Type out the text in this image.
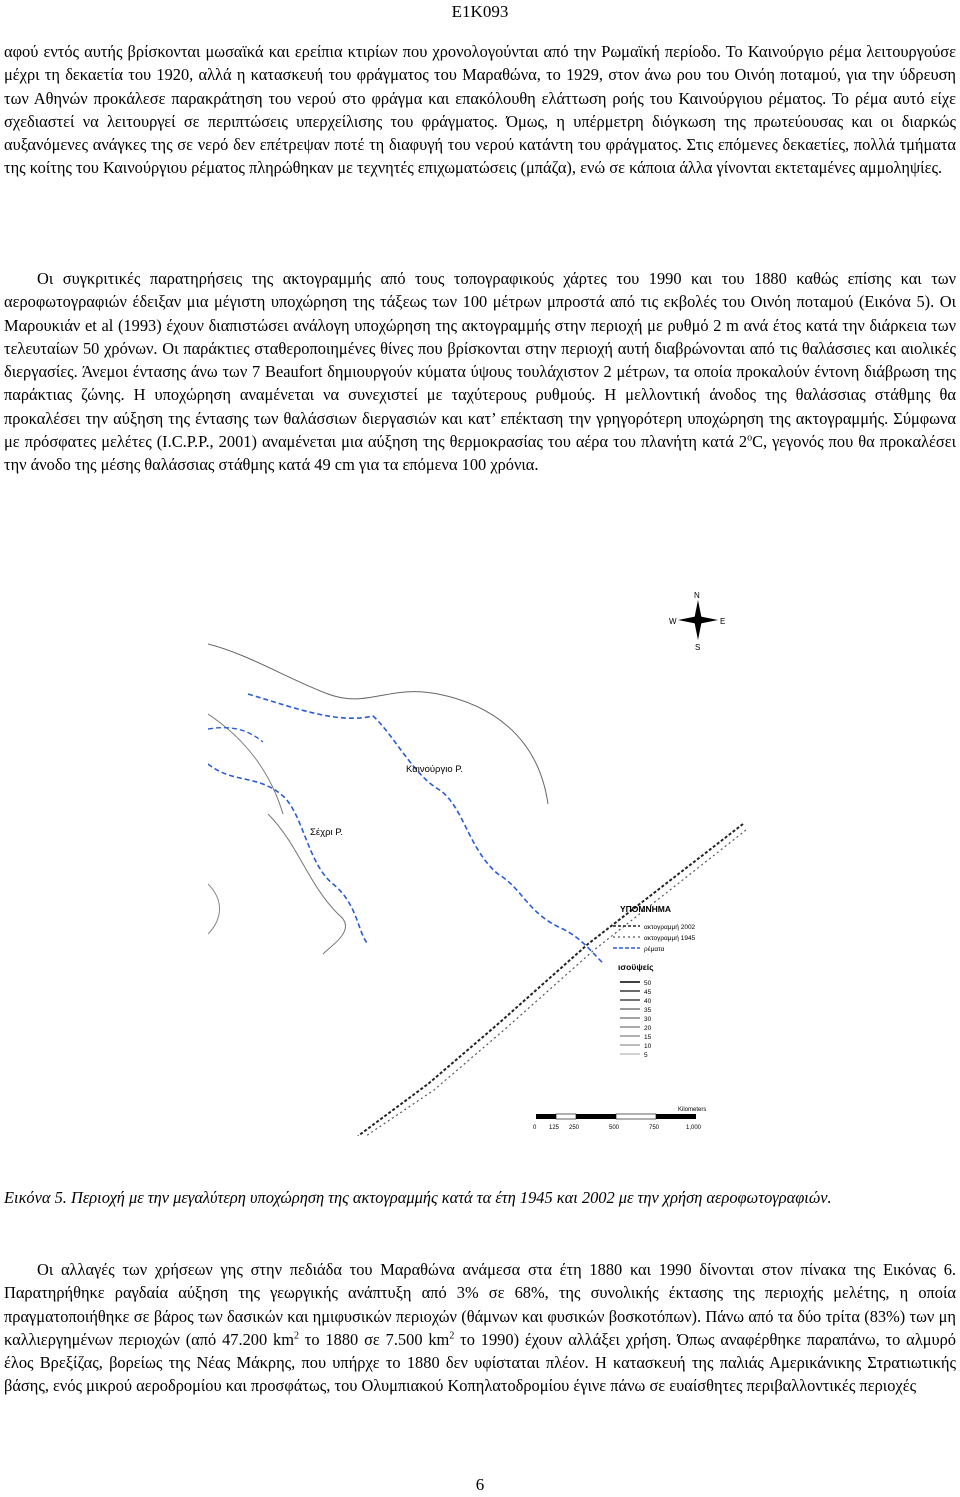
Ε1Κ093

αφού εντός αυτής βρίσκονται μωσαϊκά και ερείπια κτιρίων που χρονολογούνται από την Ρωμαϊκή περίοδο. Το Καινούργιο ρέμα λειτουργούσε μέχρι τη δεκαετία του 1920, αλλά η κατασκευή του φράγματος του Μαραθώνα, το 1929, στον άνω ρου του Οινόη ποταμού, για την ύδρευση των Αθηνών προκάλεσε παρακράτηση του νερού στο φράγμα και επακόλουθη ελάττωση ροής του Καινούργιου ρέματος. Το ρέμα αυτό είχε σχεδιαστεί να λειτουργεί σε περιπτώσεις υπερχείλισης του φράγματος. Όμως, η υπέρμετρη διόγκωση της πρωτεύουσας και οι διαρκώς αυξανόμενες ανάγκες της σε νερό δεν επέτρεψαν ποτέ τη διαφυγή του νερού κατάντη του φράγματος. Στις επόμενες δεκαετίες, πολλά τμήματα της κοίτης του Καινούργιου ρέματος πληρώθηκαν με τεχνητές επιχωματώσεις (μπάζα), ενώ σε κάποια άλλα γίνονται εκτεταμένες αμμοληψίες.

Οι συγκριτικές παρατηρήσεις της ακτογραμμής από τους τοπογραφικούς χάρτες του 1990 και του 1880 καθώς επίσης και των αεροφωτογραφιών έδειξαν μια μέγιστη υποχώρηση της τάξεως των 100 μέτρων μπροστά από τις εκβολές του Οινόη ποταμού (Εικόνα 5). Οι Μαρουκιάν et al (1993) έχουν διαπιστώσει ανάλογη υποχώρηση της ακτογραμμής στην περιοχή με ρυθμό 2 m ανά έτος κατά την διάρκεια των τελευταίων 50 χρόνων. Οι παράκτιες σταθεροποιημένες θίνες που βρίσκονται στην περιοχή αυτή διαβρώνονται από τις θαλάσσιες και αιολικές διεργασίες. Άνεμοι έντασης άνω των 7 Beaufort δημιουργούν κύματα ύψους τουλάχιστον 2 μέτρων, τα οποία προκαλούν έντονη διάβρωση της παράκτιας ζώνης. Η υποχώρηση αναμένεται να συνεχιστεί με ταχύτερους ρυθμούς. Η μελλοντική άνοδος της θαλάσσιας στάθμης θα προκαλέσει την αύξηση της έντασης των θαλάσσιων διεργασιών και κατ’ επέκταση την γρηγορότερη υποχώρηση της ακτογραμμής. Σύμφωνα με πρόσφατες μελέτες (I.C.P.P., 2001) αναμένεται μια αύξηση της θερμοκρασίας του αέρα του πλανήτη κατά 2$^o$C, γεγονός που θα προκαλέσει την άνοδο της μέσης θαλάσσιας στάθμης κατά 49 cm για τα επόμενα 100 χρόνια.

Καινούργιο Ρ.
Σέχρι Ρ.
N
S
W	E
ΥΠΟΜΝΗΜΑ
ακτογραμμή 2002
ακτογραμμή 1945
ρέματα
ισοϋψείς
50
45
40
35
30
20
15
10
5
Kilometers
0 125 250	500	750	1,000

Εικόνα 5. Περιοχή με την μεγαλύτερη υποχώρηση της ακτογραμμής κατά τα έτη 1945 και 2002 με την χρήση αεροφωτογραφιών.

Οι αλλαγές των χρήσεων γης στην πεδιάδα του Μαραθώνα ανάμεσα στα έτη 1880 και 1990 δίνονται στον πίνακα της Εικόνας 6. Παρατηρήθηκε ραγδαία αύξηση της γεωργικής ανάπτυξη από 3% σε 68%, της συνολικής έκτασης της περιοχής μελέτης, η οποία πραγματοποιήθηκε σε βάρος των δασικών και ημιφυσικών περιοχών (θάμνων και φυσικών βοσκοτόπων). Πάνω από τα δύο τρίτα (83%) των μη καλλιεργημένων περιοχών (από 47.200 $km^2$ το 1880 σε 7.500 $km^2$ το 1990) έχουν αλλάξει χρήση. Όπως αναφέρθηκε παραπάνω, το αλμυρό έλος Βρεξίζας, βορείως της Νέας Μάκρης, που υπήρχε το 1880 δεν υφίσταται πλέον. Η κατασκευή της παλιάς Αμερικάνικης Στρατιωτικής βάσης, ενός μικρού αεροδρομίου και προσφάτως, του Ολυμπιακού Κοπηλατοδρομίου έγινε πάνω σε ευαίσθητες περιβαλλοντικές περιοχές

6
